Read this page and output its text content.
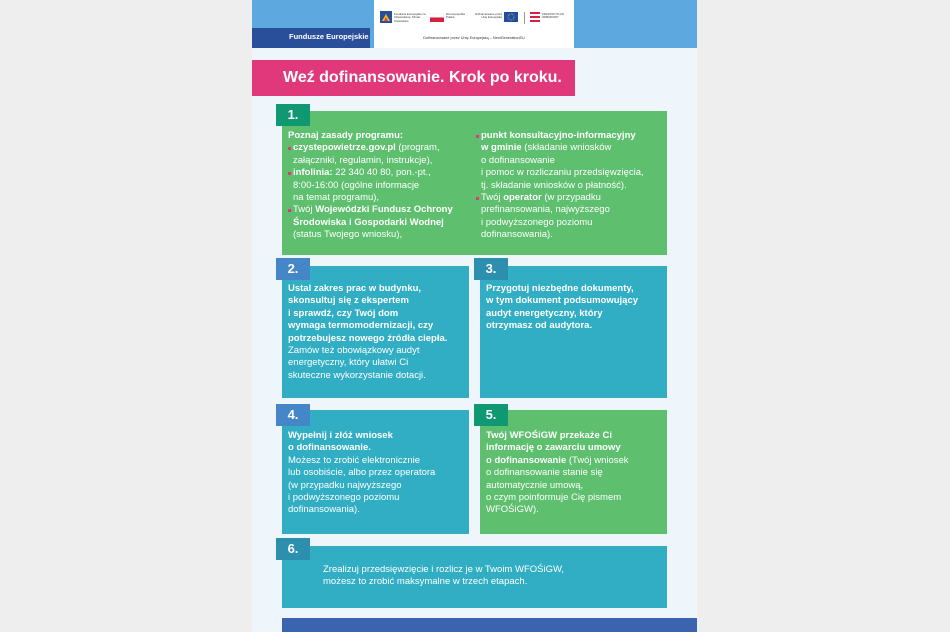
Fundusze Europejskie
Fundusze Europejskie na Infrastrukturę, Klimat, Środowisko
Rzeczpospolita Polska
Dofinansowane przez Unię Europejską
KRAJOWY PLAN ODBUDOWY
Dofinansowane przez Unię Europejską – NextGenerationEU
Weź dofinansowanie. Krok po kroku.
Poznaj zasady programu:
czystepowietrze.gov.pl (program,
załączniki, regulamin, instrukcje),
infolinia: 22 340 40 80, pon.-pt.,
8:00-16:00 (ogólne informacje
na temat programu),
Twój Wojewódzki Fundusz Ochrony
Środowiska i Gospodarki Wodnej
(status Twojego wniosku),
punkt konsultacyjno-informacyjny
w gminie (składanie wniosków
o dofinansowanie
i pomoc w rozliczaniu przedsięwzięcia,
tj. składanie wniosków o płatność).
Twój operator (w przypadku
prefinansowania, najwyższego
i podwyższonego poziomu
dofinansowania).
1.
Ustal zakres prac w budynku,
skonsultuj się z ekspertem
i sprawdź, czy Twój dom
wymaga termomodernizacji, czy
potrzebujesz nowego źródła ciepła.
Zamów też obowiązkowy audyt
energetyczny, który ułatwi Ci
skuteczne wykorzystanie dotacji.
2.
Przygotuj niezbędne dokumenty,
w tym dokument podsumowujący
audyt energetyczny, który
otrzymasz od audytora.
3.
Wypełnij i złóż wniosek
o dofinansowanie.
Możesz to zrobić elektronicznie
lub osobiście, albo przez operatora
(w przypadku najwyższego
i podwyższonego poziomu
dofinansowania).
4.
Twój WFOŚiGW przekaże Ci
informację o zawarciu umowy
o dofinansowanie (Twój wniosek
o dofinansowanie stanie się
automatycznie umową,
o czym poinformuje Cię pismem
WFOŚiGW).
5.
Zrealizuj przedsięwzięcie i rozlicz je w Twoim WFOŚiGW,
możesz to zrobić maksymalne w trzech etapach.
6.
